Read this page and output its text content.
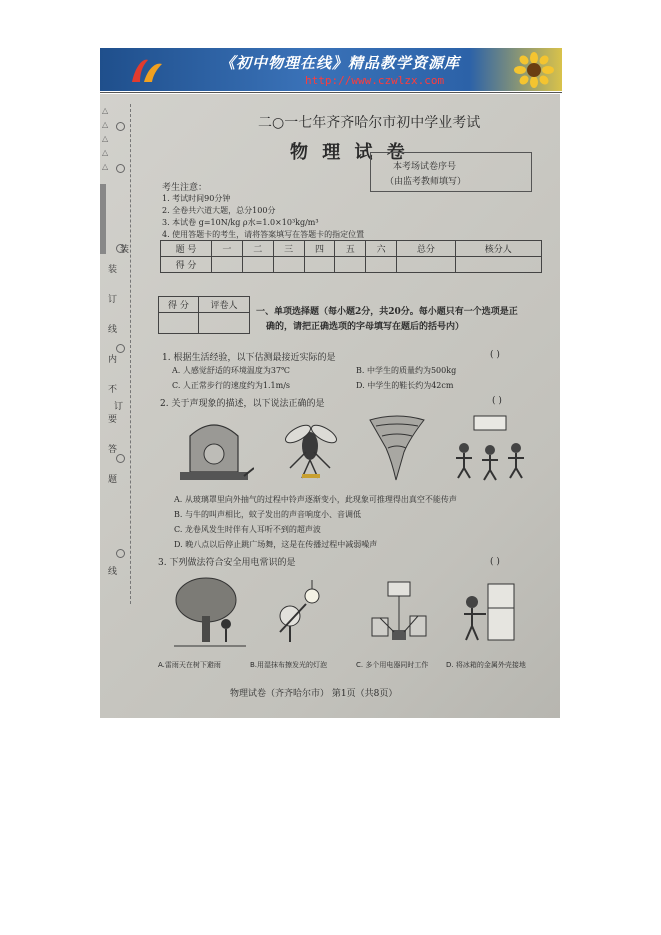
《初中物理在线》精品教学资源库
http://www.czwlzx.com
△
△
△
△
△
装
订
线
内
不
要
答
题
线
装
订
二○一七年齐齐哈尔市初中学业考试
物 理 试 卷
本考场试卷序号
（由监考教师填写）
考生注意：
1. 考试时间90分钟
2. 全卷共六道大题，总分100分
3. 本试卷 g=10N/kg ρ水=1.0×10³kg/m³
4. 使用答题卡的考生，请将答案填写在答题卡的指定位置
题 号	一	二	三	四	五	六	总分	核分人
得 分								
得 分	评卷人

一、单项选择题（每小题2分，共20分。每小题只有一个选项是正
确的，请把正确选项的字母填写在题后的括号内）
1. 根据生活经验，以下估测最接近实际的是	( )
A. 人感觉舒适的环境温度为37℃	B. 中学生的质量约为500kg
C. 人正常步行的速度约为1.1m/s	D. 中学生的鞋长约为42cm
2. 关于声现象的描述，以下说法正确的是	( )
A. 从玻璃罩里向外抽气的过程中铃声逐渐变小，此现象可推理得出真空不能传声
B. 与牛的叫声相比，蚊子发出的声音响度小、音调低
C. 龙卷风发生时伴有人耳听不到的超声波
D. 晚八点以后停止跳广场舞，这是在传播过程中减弱噪声
3. 下列做法符合安全用电常识的是	( )
A.雷雨天在树下避雨	B.用湿抹布擦发光的灯泡	C. 多个用电器同时工作	D. 将冰箱的金属外壳接地
物理试卷（齐齐哈尔市） 第1页（共8页）
